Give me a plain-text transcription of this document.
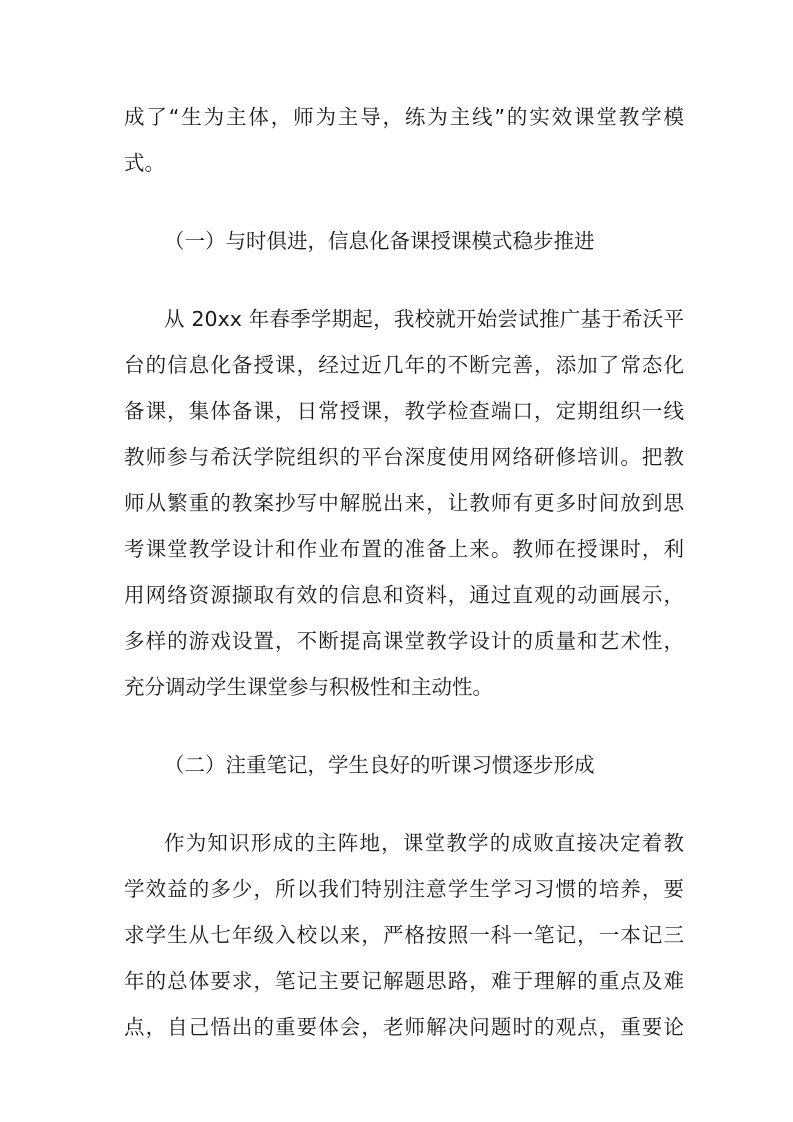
成了“生为主体，师为主导，练为主线”的实效课堂教学模
式。
（一）与时俱进，信息化备课授课模式稳步推进
从 20xx 年春季学期起，我校就开始尝试推广基于希沃平
台的信息化备授课，经过近几年的不断完善，添加了常态化
备课，集体备课，日常授课，教学检查端口，定期组织一线
教师参与希沃学院组织的平台深度使用网络研修培训。把教
师从繁重的教案抄写中解脱出来，让教师有更多时间放到思
考课堂教学设计和作业布置的准备上来。教师在授课时，利
用网络资源撷取有效的信息和资料，通过直观的动画展示，
多样的游戏设置，不断提高课堂教学设计的质量和艺术性，
充分调动学生课堂参与积极性和主动性。
（二）注重笔记，学生良好的听课习惯逐步形成
作为知识形成的主阵地，课堂教学的成败直接决定着教
学效益的多少，所以我们特别注意学生学习习惯的培养，要
求学生从七年级入校以来，严格按照一科一笔记，一本记三
年的总体要求，笔记主要记解题思路，难于理解的重点及难
点，自己悟出的重要体会，老师解决问题时的观点，重要论
